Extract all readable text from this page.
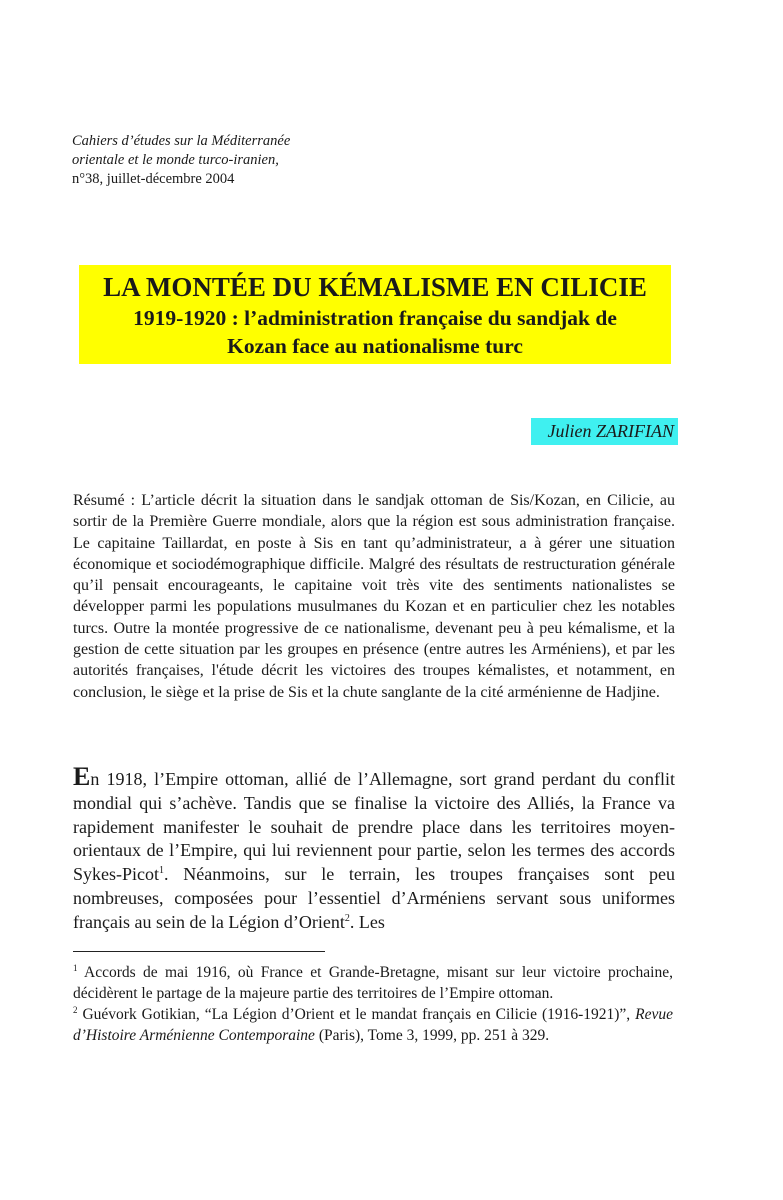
Cahiers d’études sur la Méditerranée
orientale et le monde turco-iranien,
n°38, juillet-décembre 2004
LA MONTÉE DU KÉMALISME EN CILICIE
1919-1920 : l’administration française du sandjak de
Kozan face au nationalisme turc
Julien ZARIFIAN
Résumé : L’article décrit la situation dans le sandjak ottoman de Sis/Kozan, en Cilicie, au sortir de la Première Guerre mondiale, alors que la région est sous administration française. Le capitaine Taillardat, en poste à Sis en tant qu’administrateur, a à gérer une situation économique et sociodémographique difficile. Malgré des résultats de restructuration générale qu’il pensait encourageants, le capitaine voit très vite des sentiments nationalistes se développer parmi les populations musulmanes du Kozan et en particulier chez les notables turcs. Outre la montée progressive de ce nationalisme, devenant peu à peu kémalisme, et la gestion de cette situation par les groupes en présence (entre autres les Arméniens), et par les autorités françaises, l'étude décrit les victoires des troupes kémalistes, et notamment, en conclusion, le siège et la prise de Sis et la chute sanglante de la cité arménienne de Hadjine.
En 1918, l’Empire ottoman, allié de l’Allemagne, sort grand perdant du conflit mondial qui s’achève. Tandis que se finalise la victoire des Alliés, la France va rapidement manifester le souhait de prendre place dans les territoires moyen-orientaux de l’Empire, qui lui reviennent pour partie, selon les termes des accords Sykes-Picot$^1$. Néanmoins, sur le terrain, les troupes françaises sont peu nombreuses, composées pour l’essentiel d’Arméniens servant sous uniformes français au sein de la Légion d’Orient$^2$. Les

$^1$ Accords de mai 1916, où France et Grande-Bretagne, misant sur leur victoire prochaine, décidèrent le partage de la majeure partie des territoires de l’Empire ottoman.

$^2$ Guévork Gotikian, “La Légion d’Orient et le mandat français en Cilicie (1916-1921)”, Revue d’Histoire Arménienne Contemporaine (Paris), Tome 3, 1999, pp. 251 à 329.
